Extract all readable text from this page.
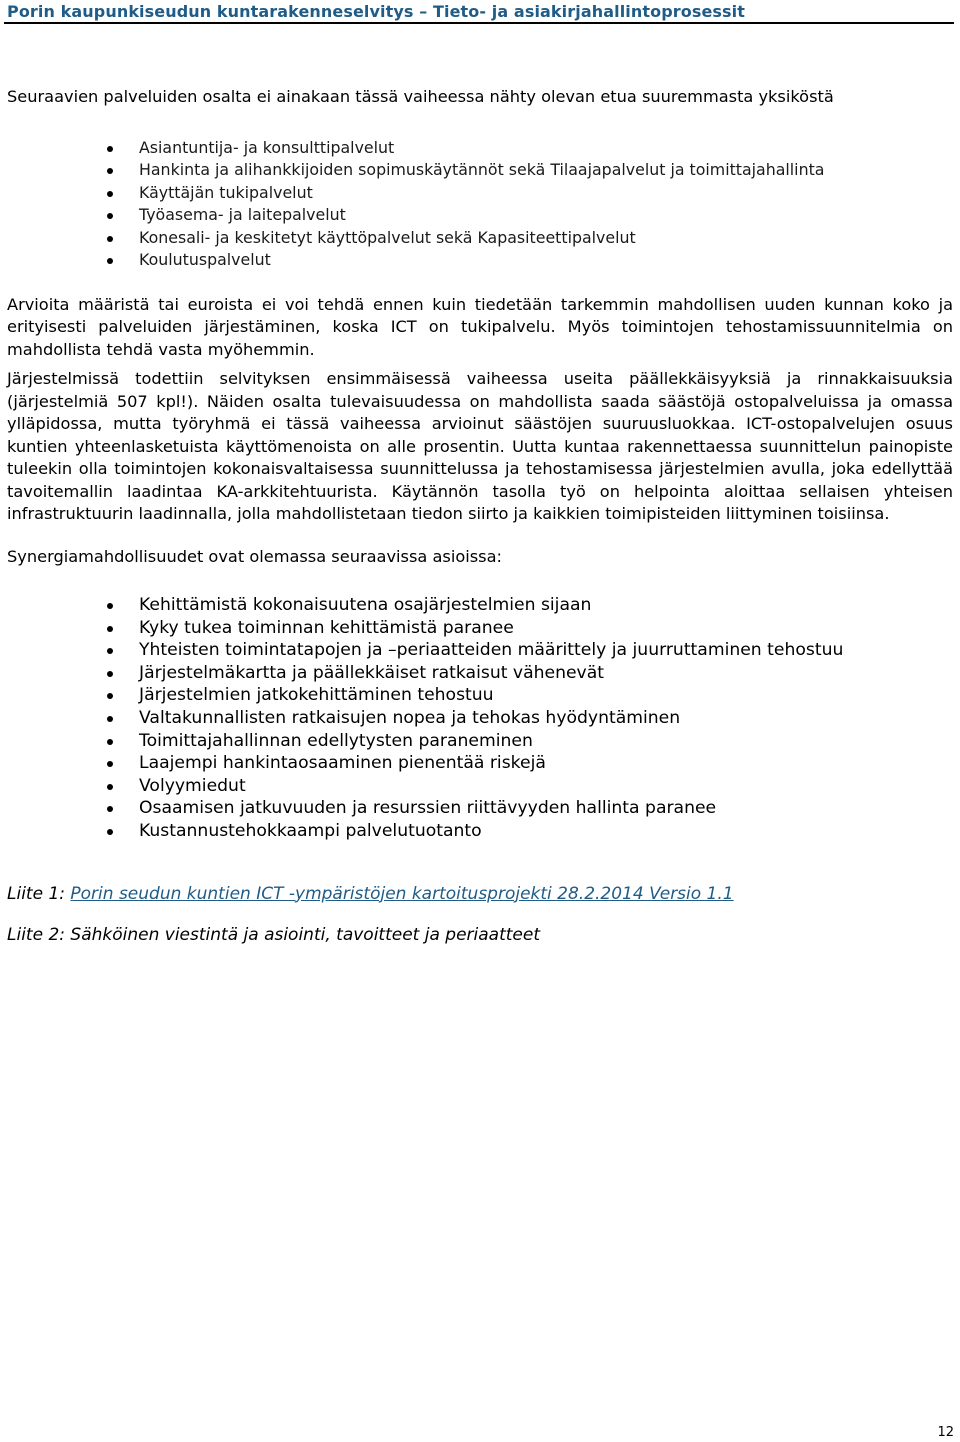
Porin kaupunkiseudun kuntarakenneselvitys – Tieto- ja asiakirjahallintoprosessit

Seuraavien palveluiden osalta ei ainakaan tässä vaiheessa nähty olevan etua suuremmasta yksiköstä

Asiantuntija- ja konsulttipalvelut
Hankinta ja alihankkijoiden sopimuskäytännöt sekä Tilaajapalvelut ja toimittajahallinta
Käyttäjän tukipalvelut
Työasema- ja laitepalvelut
Konesali- ja keskitetyt käyttöpalvelut sekä Kapasiteettipalvelut
Koulutuspalvelut

Arvioita määristä tai euroista ei voi tehdä ennen kuin tiedetään tarkemmin mahdollisen uuden kunnan koko ja erityisesti palveluiden järjestäminen, koska ICT on tukipalvelu. Myös toimintojen tehostamissuunnitelmia on mahdollista tehdä vasta myöhemmin.

Järjestelmissä todettiin selvityksen ensimmäisessä vaiheessa useita päällekkäisyyksiä ja rinnakkaisuuksia (järjestelmiä 507 kpl!). Näiden osalta tulevaisuudessa on mahdollista saada säästöjä ostopalveluissa ja omassa ylläpidossa, mutta työryhmä ei tässä vaiheessa arvioinut säästöjen suuruusluokkaa. ICT-ostopalvelujen osuus kuntien yhteenlasketuista käyttömenoista on alle prosentin. Uutta kuntaa rakennettaessa suunnittelun painopiste tuleekin olla toimintojen kokonaisvaltaisessa suunnittelussa ja tehostamisessa järjestelmien avulla, joka edellyttää tavoitemallin laadintaa KA-arkkitehtuurista. Käytännön tasolla työ on helpointa aloittaa sellaisen yhteisen infrastruktuurin laadinnalla, jolla mahdollistetaan tiedon siirto ja kaikkien toimipisteiden liittyminen toisiinsa.

Synergiamahdollisuudet ovat olemassa seuraavissa asioissa:

Kehittämistä kokonaisuutena osajärjestelmien sijaan
Kyky tukea toiminnan kehittämistä paranee
Yhteisten toimintatapojen ja –periaatteiden määrittely ja juurruttaminen tehostuu
Järjestelmäkartta ja päällekkäiset ratkaisut vähenevät
Järjestelmien jatkokehittäminen tehostuu
Valtakunnallisten ratkaisujen nopea ja tehokas hyödyntäminen
Toimittajahallinnan edellytysten paraneminen
Laajempi hankintaosaaminen pienentää riskejä
Volyymiedut
Osaamisen jatkuvuuden ja resurssien riittävyyden hallinta paranee
Kustannustehokkaampi palvelutuotanto
Liite 1: Porin seudun kuntien ICT -ympäristöjen kartoitusprojekti 28.2.2014 Versio 1.1
Liite 2: Sähköinen viestintä ja asiointi, tavoitteet ja periaatteet
12
